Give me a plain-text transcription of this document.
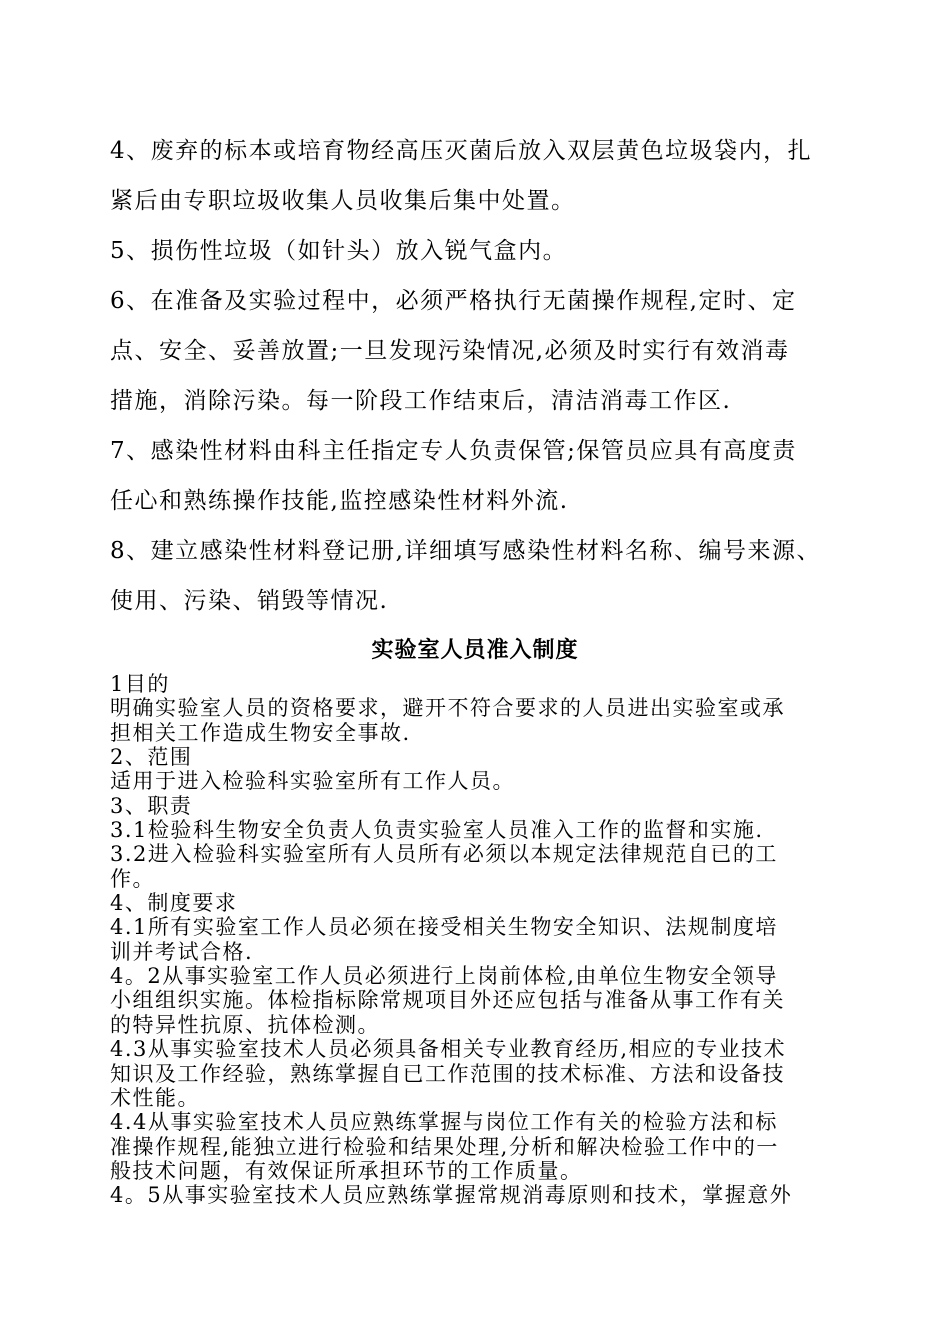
4、废弃的标本或培育物经高压灭菌后放入双层黄色垃圾袋内，扎
紧后由专职垃圾收集人员收集后集中处置。
5、损伤性垃圾（如针头）放入锐气盒内。
6、在准备及实验过程中，必须严格执行无菌操作规程,定时、定
点、安全、妥善放置;一旦发现污染情况,必须及时实行有效消毒
措施，消除污染。每一阶段工作结束后，清洁消毒工作区.
7、感染性材料由科主任指定专人负责保管;保管员应具有高度责
任心和熟练操作技能,监控感染性材料外流.
8、建立感染性材料登记册,详细填写感染性材料名称、编号来源、
使用、污染、销毁等情况.
实验室人员准入制度
1目的
明确实验室人员的资格要求，避开不符合要求的人员进出实验室或承
担相关工作造成生物安全事故.
2、范围
适用于进入检验科实验室所有工作人员。
3、职责
3.1检验科生物安全负责人负责实验室人员准入工作的监督和实施.
3.2进入检验科实验室所有人员所有必须以本规定法律规范自已的工
作。
4、制度要求
4.1所有实验室工作人员必须在接受相关生物安全知识、法规制度培
训并考试合格.
4。2从事实验室工作人员必须进行上岗前体检,由单位生物安全领导
小组组织实施。体检指标除常规项目外还应包括与准备从事工作有关
的特异性抗原、抗体检测。
4.3从事实验室技术人员必须具备相关专业教育经历,相应的专业技术
知识及工作经验，熟练掌握自已工作范围的技术标准、方法和设备技
术性能。
4.4从事实验室技术人员应熟练掌握与岗位工作有关的检验方法和标
准操作规程,能独立进行检验和结果处理,分析和解决检验工作中的一
般技术问题，有效保证所承担环节的工作质量。
4。5从事实验室技术人员应熟练掌握常规消毒原则和技术，掌握意外
